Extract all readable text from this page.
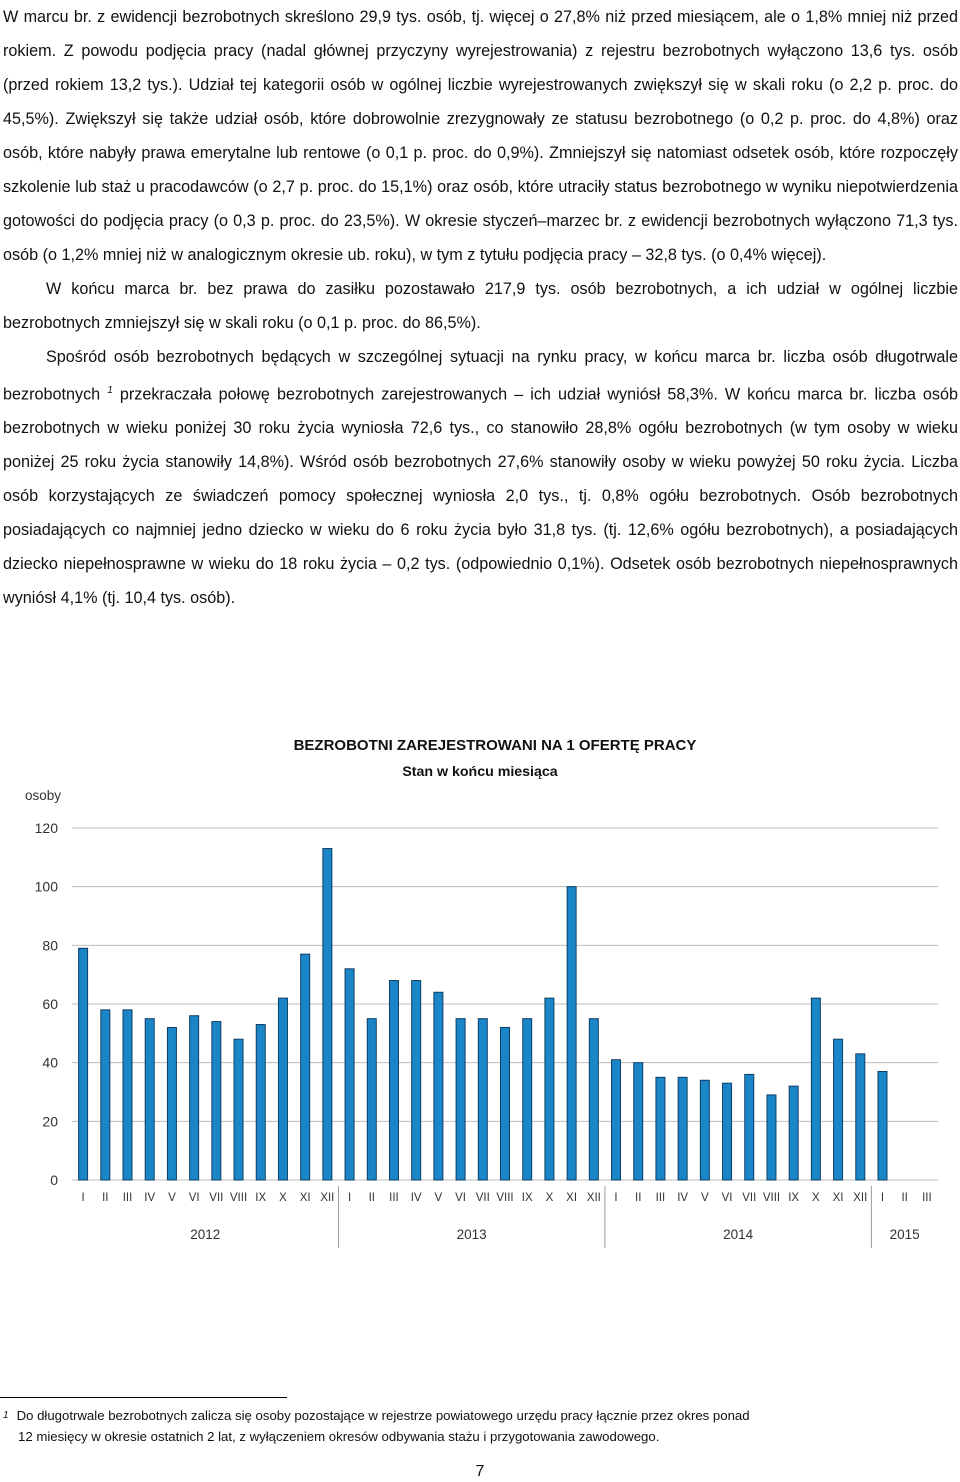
W marcu br. z ewidencji bezrobotnych skreślono 29,9 tys. osób, tj. więcej o 27,8% niż przed miesiącem, ale o 1,8% mniej niż przed rokiem. Z powodu podjęcia pracy (nadal głównej przyczyny wyrejestrowania) z rejestru bezrobotnych wyłączono 13,6 tys. osób (przed rokiem 13,2 tys.). Udział tej kategorii osób w ogólnej liczbie wyrejestrowanych zwiększył się w skali roku (o 2,2 p. proc. do 45,5%). Zwiększył się także udział osób, które dobrowolnie zrezygnowały ze statusu bezrobotnego (o 0,2 p. proc. do 4,8%) oraz osób, które nabyły prawa emerytalne lub rentowe (o 0,1 p. proc. do 0,9%). Zmniejszył się natomiast odsetek osób, które rozpoczęły szkolenie lub staż u pracodawców (o 2,7 p. proc. do 15,1%) oraz osób, które utraciły status bezrobotnego w wyniku niepotwierdzenia gotowości do podjęcia pracy (o 0,3 p. proc. do 23,5%). W okresie styczeń–marzec br. z ewidencji bezrobotnych wyłączono 71,3 tys. osób (o 1,2% mniej niż w analogicznym okresie ub. roku), w tym z tytułu podjęcia pracy – 32,8 tys. (o 0,4% więcej).

W końcu marca br. bez prawa do zasiłku pozostawało 217,9 tys. osób bezrobotnych, a ich udział w ogólnej liczbie bezrobotnych zmniejszył się w skali roku (o 0,1 p. proc. do 86,5%).

Spośród osób bezrobotnych będących w szczególnej sytuacji na rynku pracy, w końcu marca br. liczba osób długotrwale bezrobotnych $^1$ przekraczała połowę bezrobotnych zarejestrowanych – ich udział wyniósł 58,3%. W końcu marca br. liczba osób bezrobotnych w wieku poniżej 30 roku życia wyniosła 72,6 tys., co stanowiło 28,8% ogółu bezrobotnych (w tym osoby w wieku poniżej 25 roku życia stanowiły 14,8%). Wśród osób bezrobotnych 27,6% stanowiły osoby w wieku powyżej 50 roku życia. Liczba osób korzystających ze świadczeń pomocy społecznej wyniosła 2,0 tys., tj. 0,8% ogółu bezrobotnych. Osób bezrobotnych posiadających co najmniej jedno dziecko w wieku do 6 roku życia było 31,8 tys. (tj. 12,6% ogółu bezrobotnych), a posiadających dziecko niepełnosprawne w wieku do 18 roku życia – 0,2 tys. (odpowiednio 0,1%). Odsetek osób bezrobotnych niepełnosprawnych wyniósł 4,1% (tj. 10,4 tys. osób).

BEZROBOTNI ZAREJESTROWANI NA 1 OFERTĘ PRACY
Stan w końcu miesiąca
osoby
0
20
40
60
80
100
120
I II III IV V VI VII VIII IX X XI XII I II III IV V VI VII VIII IX X XI XII I II III IV V VI VII VIII IX X XI XII I II III
2012	2013	2014	2015
$^1$ Do długotrwale bezrobotnych zalicza się osoby pozostające w rejestrze powiatowego urzędu pracy łącznie przez okres ponad
12 miesięcy w okresie ostatnich 2 lat, z wyłączeniem okresów odbywania stażu i przygotowania zawodowego.
7
